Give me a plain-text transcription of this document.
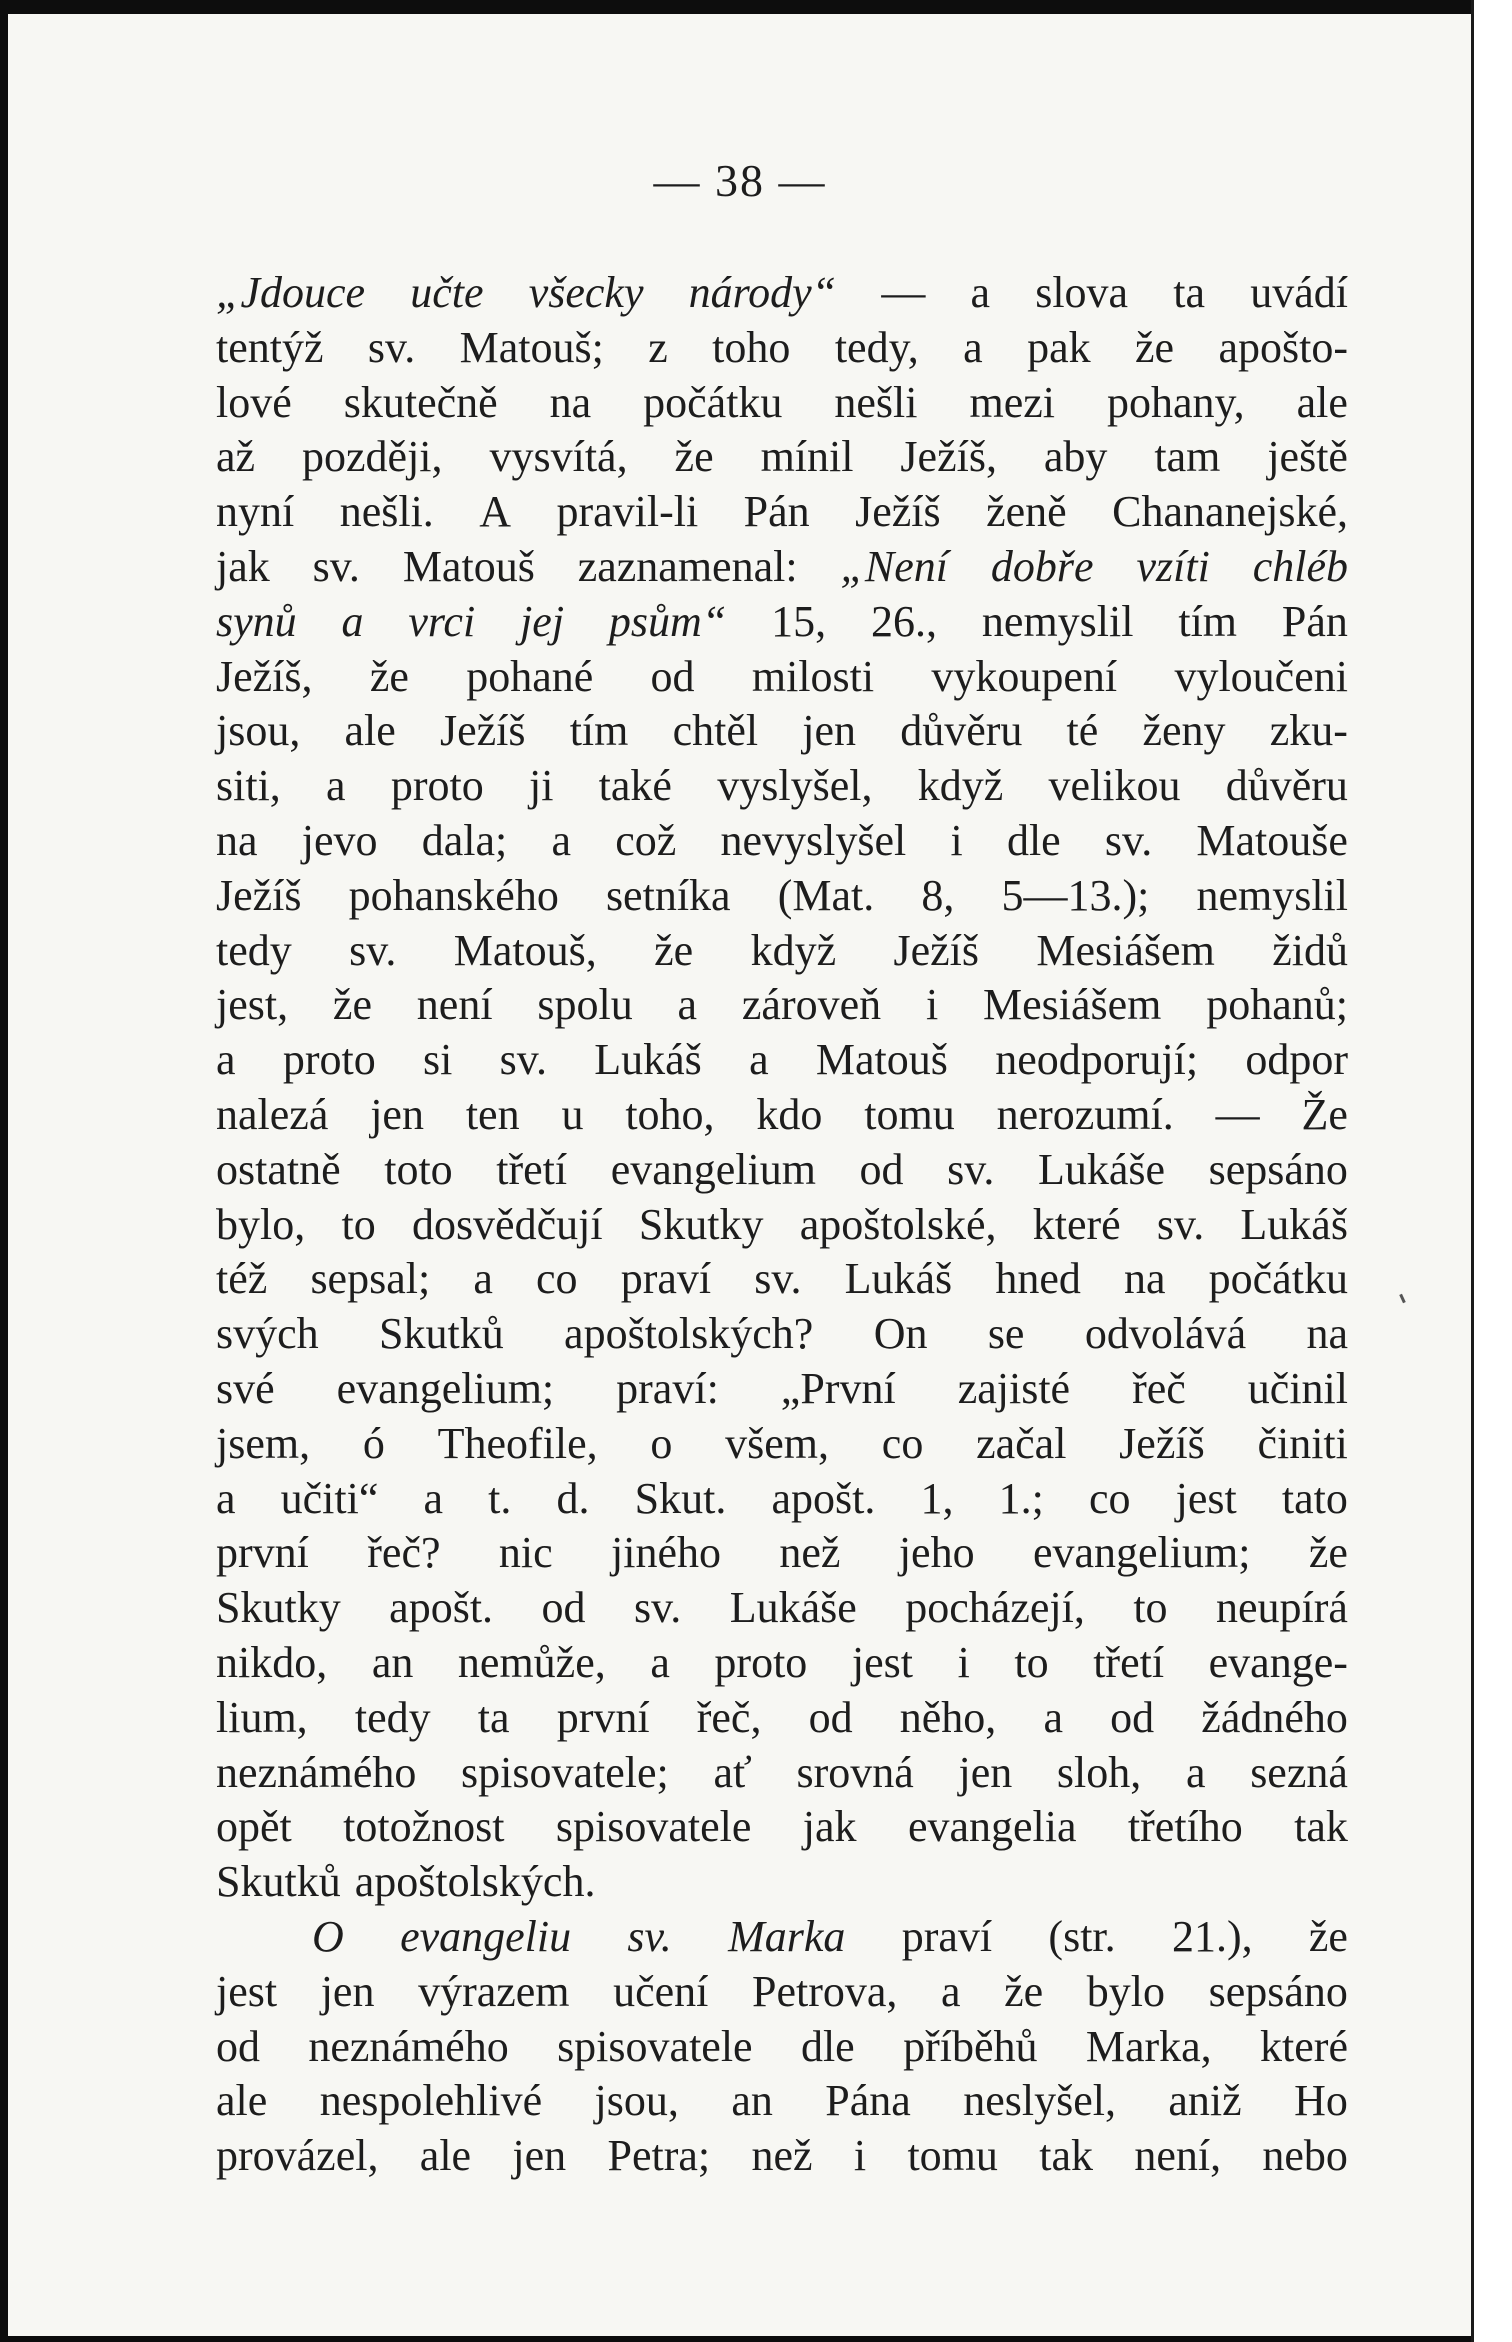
— 38 —
„Jdouce učte všecky národy“ — a slova ta uvádí
tentýž sv. Matouš; z toho tedy, a pak že apošto-
lové skutečně na počátku nešli mezi pohany, ale
až později, vysvítá, že mínil Ježíš, aby tam ještě
nyní nešli. A pravil-li Pán Ježíš ženě Chananejské,
jak sv. Matouš zaznamenal: „Není dobře vzíti chléb
synů a vrci jej psům“ 15, 26., nemyslil tím Pán
Ježíš, že pohané od milosti vykoupení vyloučeni
jsou, ale Ježíš tím chtěl jen důvěru té ženy zku-
siti, a proto ji také vyslyšel, když velikou důvěru
na jevo dala; a což nevyslyšel i dle sv. Matouše
Ježíš pohanského setníka (Mat. 8, 5—13.); nemyslil
tedy sv. Matouš, že když Ježíš Mesiášem židů
jest, že není spolu a zároveň i Mesiášem pohanů;
a proto si sv. Lukáš a Matouš neodporují; odpor
nalezá jen ten u toho, kdo tomu nerozumí. — Že
ostatně toto třetí evangelium od sv. Lukáše sepsáno
bylo, to dosvědčují Skutky apoštolské, které sv. Lukáš
též sepsal; a co praví sv. Lukáš hned na počátku
svých Skutků apoštolských? On se odvolává na
své evangelium; praví: „První zajisté řeč učinil
jsem, ó Theofile, o všem, co začal Ježíš činiti
a učiti“ a t. d. Skut. apošt. 1, 1.; co jest tato
první řeč? nic jiného než jeho evangelium; že
Skutky apošt. od sv. Lukáše pocházejí, to neupírá
nikdo, an nemůže, a proto jest i to třetí evange-
lium, tedy ta první řeč, od něho, a od žádného
neznámého spisovatele; ať srovná jen sloh, a sezná
opět totožnost spisovatele jak evangelia třetího tak
Skutků apoštolských.
O evangeliu sv. Marka praví (str. 21.), že
jest jen výrazem učení Petrova, a že bylo sepsáno
od neznámého spisovatele dle příběhů Marka, které
ale nespolehlivé jsou, an Pána neslyšel, aniž Ho
provázel, ale jen Petra; než i tomu tak není, nebo
